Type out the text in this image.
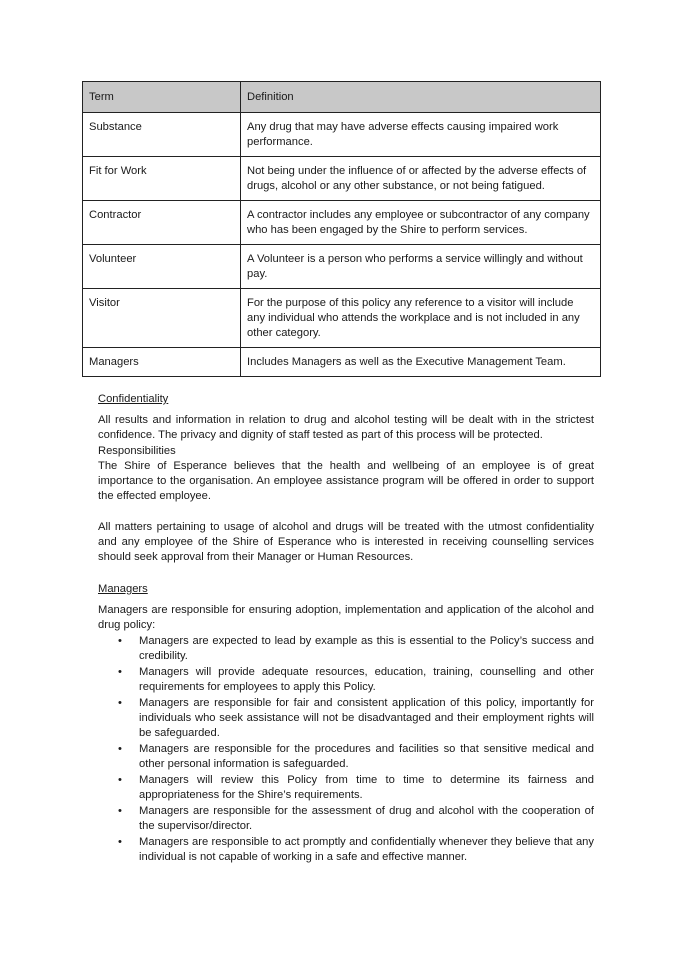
Term	Definition
Substance	Any drug that may have adverse effects causing impaired work performance.
Fit for Work	Not being under the influence of or affected by the adverse effects of drugs, alcohol or any other substance, or not being fatigued.
Contractor	A contractor includes any employee or subcontractor of any company who has been engaged by the Shire to perform services.
Volunteer	A Volunteer is a person who performs a service willingly and without pay.
Visitor	For the purpose of this policy any reference to a visitor will include any individual who attends the workplace and is not included in any other category.
Managers	Includes Managers as well as the Executive Management Team.

Confidentiality

All results and information in relation to drug and alcohol testing will be dealt with in the strictest confidence. The privacy and dignity of staff tested as part of this process will be protected.

Responsibilities

The Shire of Esperance believes that the health and wellbeing of an employee is of great importance to the organisation. An employee assistance program will be offered in order to support the effected employee.

All matters pertaining to usage of alcohol and drugs will be treated with the utmost confidentiality and any employee of the Shire of Esperance who is interested in receiving counselling services should seek approval from their Manager or Human Resources.

Managers

Managers are responsible for ensuring adoption, implementation and application of the alcohol and drug policy:

• Managers are expected to lead by example as this is essential to the Policy’s success and credibility.
• Managers will provide adequate resources, education, training, counselling and other requirements for employees to apply this Policy.
• Managers are responsible for fair and consistent application of this policy, importantly for individuals who seek assistance will not be disadvantaged and their employment rights will be safeguarded.
• Managers are responsible for the procedures and facilities so that sensitive medical and other personal information is safeguarded.
• Managers will review this Policy from time to time to determine its fairness and appropriateness for the Shire’s requirements.
• Managers are responsible for the assessment of drug and alcohol with the cooperation of the supervisor/director.
• Managers are responsible to act promptly and confidentially whenever they believe that any individual is not capable of working in a safe and effective manner.
